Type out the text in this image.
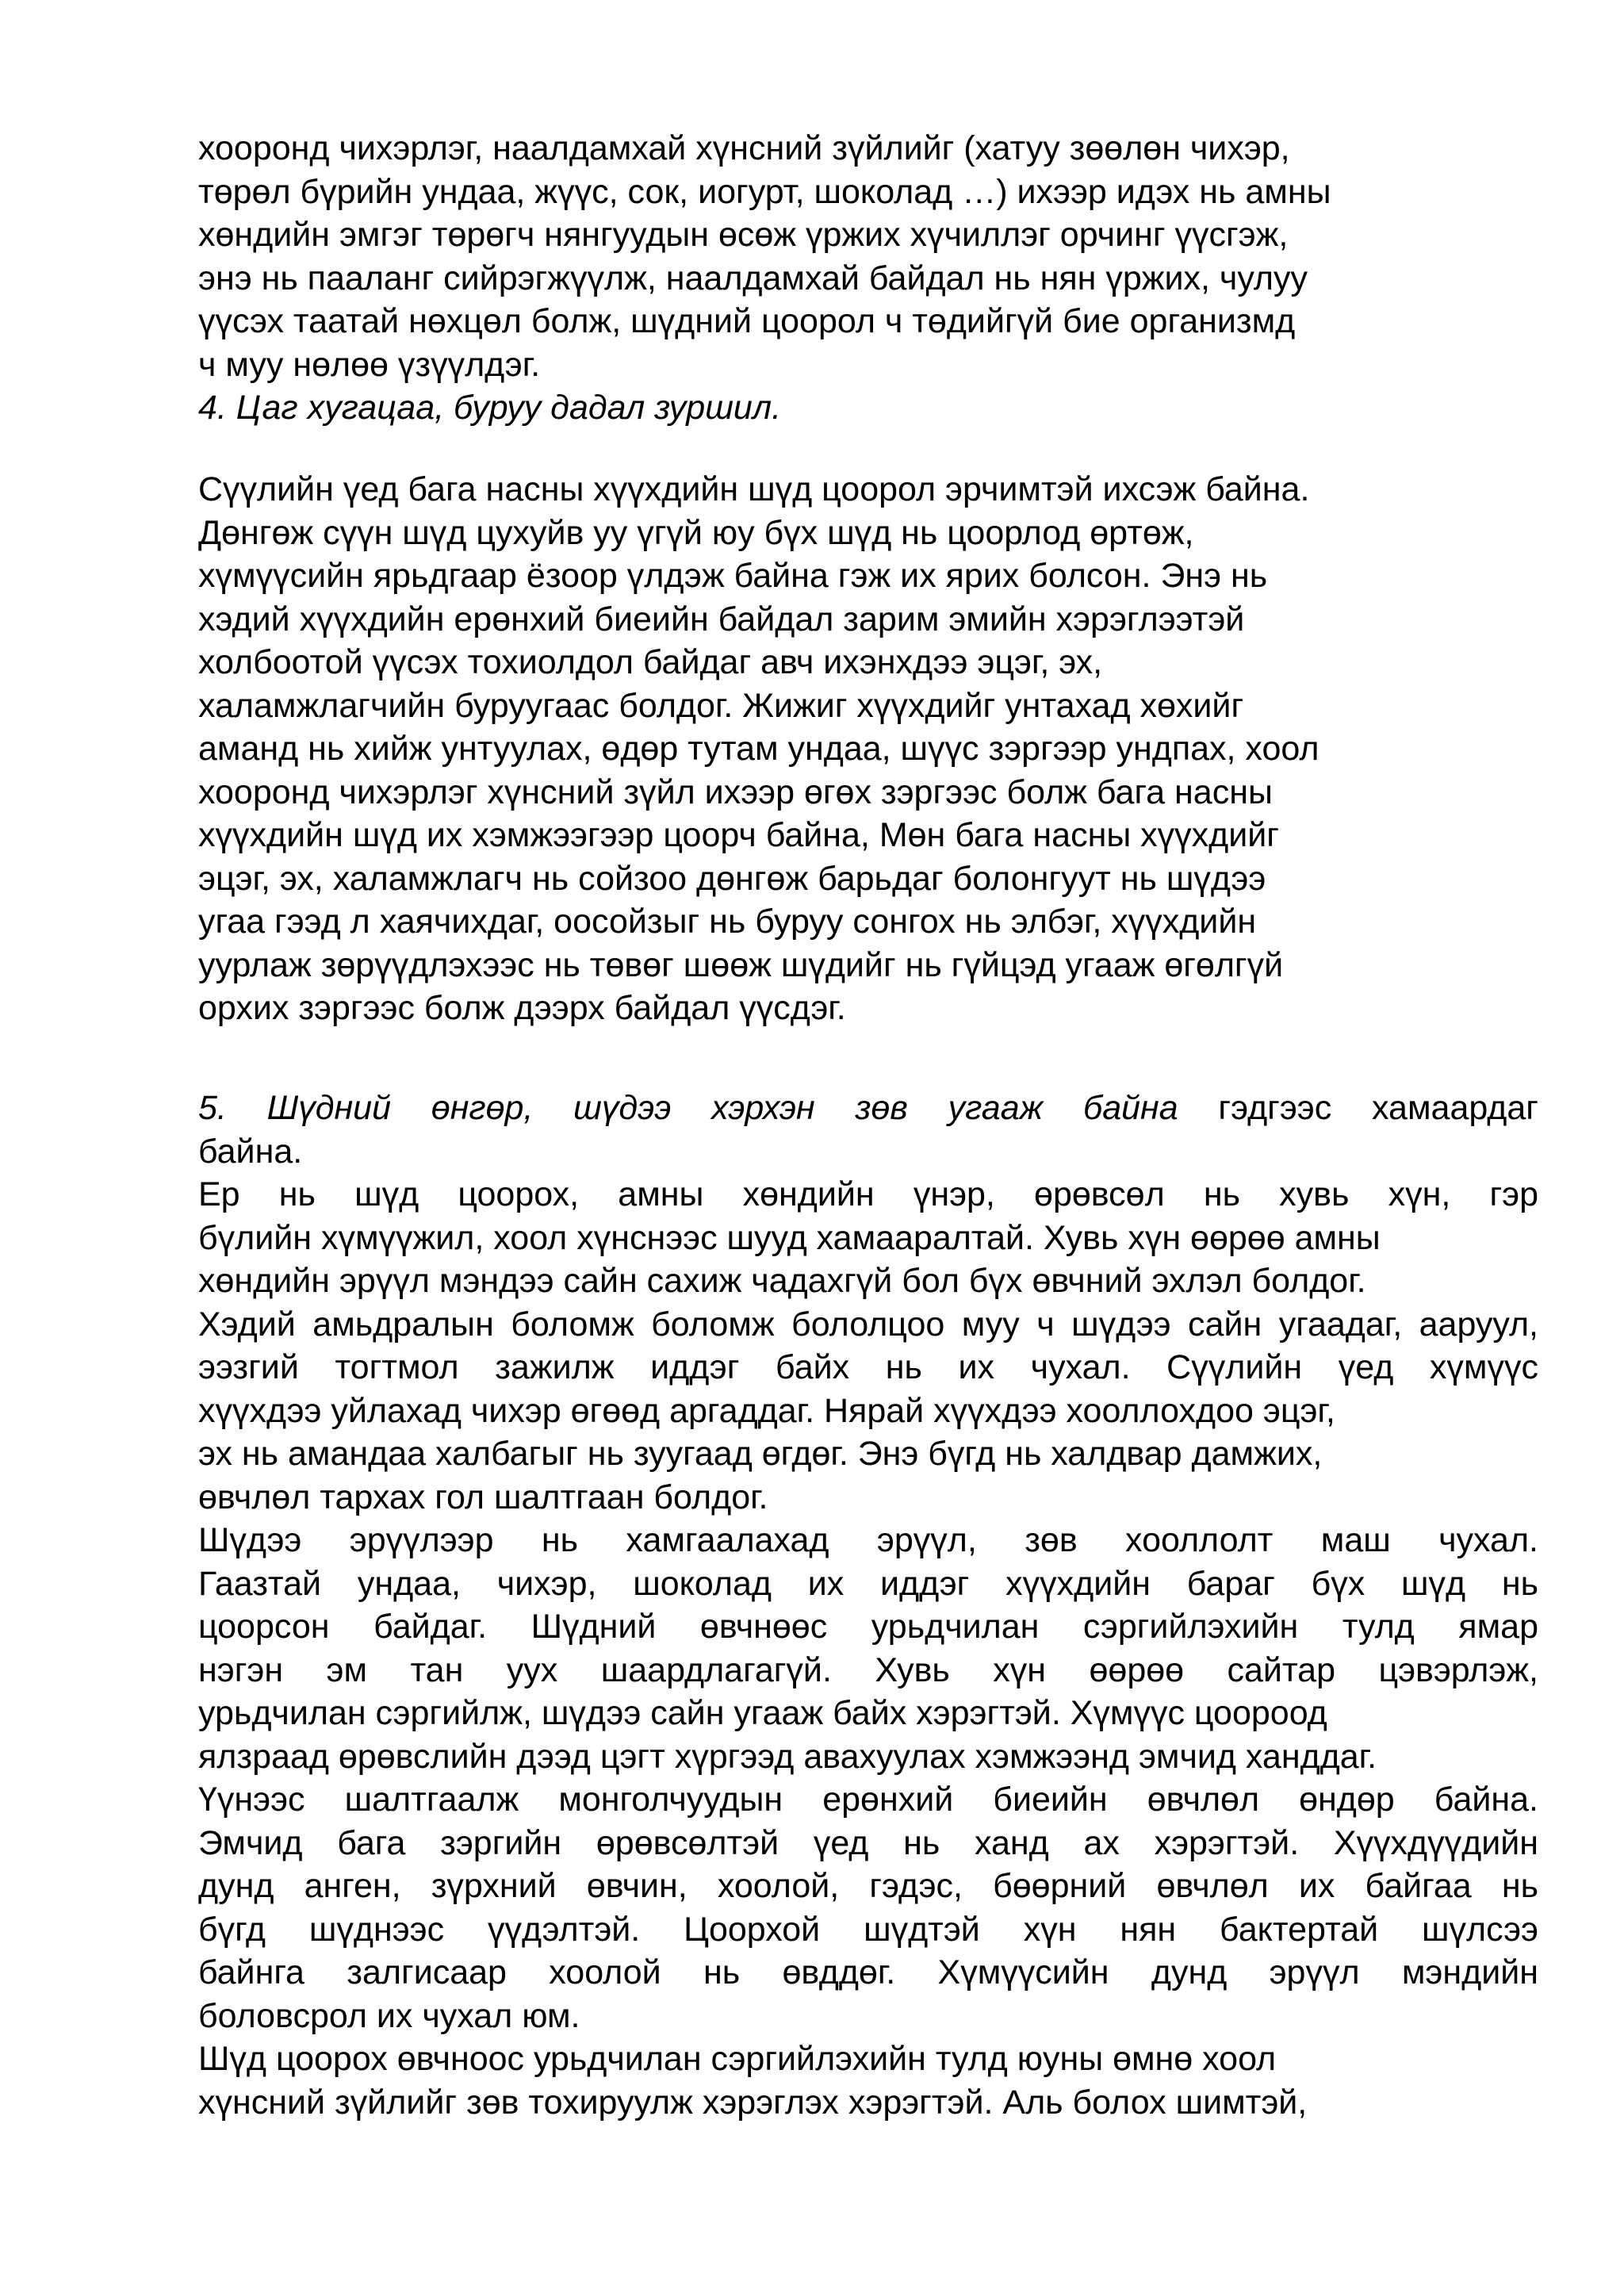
хооронд чихэрлэг, наалдамхай хүнсний зүйлийг (хатуу зөөлөн чихэр,
төрөл бүрийн ундаа, жүүс, сок, иогурт, шоколад …) ихээр идэх нь амны
хөндийн эмгэг төрөгч нянгуудын өсөж үржих хүчиллэг орчинг үүсгэж,
энэ нь пааланг сийрэгжүүлж, наалдамхай байдал нь нян үржих, чулуу
үүсэх таатай нөхцөл болж, шүдний цоорол ч төдийгүй бие организмд
ч муу нөлөө үзүүлдэг.
4. Цаг хугацаа, буруу дадал зуршил.
Сүүлийн үед бага насны хүүхдийн шүд цоорол эрчимтэй ихсэж байна.
Дөнгөж сүүн шүд цухуйв уу үгүй юу бүх шүд нь цоорлод өртөж,
хүмүүсийн ярьдгаар ёзоор үлдэж байна гэж их ярих болсон. Энэ нь
хэдий хүүхдийн ерөнхий биеийн байдал зарим эмийн хэрэглээтэй
холбоотой үүсэх тохиолдол байдаг авч ихэнхдээ эцэг, эх,
халамжлагчийн буруугаас болдог. Жижиг хүүхдийг унтахад хөхийг
аманд нь хийж унтуулах, өдөр тутам ундаа, шүүс зэргээр ундпах, хоол
хооронд чихэрлэг хүнсний зүйл ихээр өгөх зэргээс болж бага насны
хүүхдийн шүд их хэмжээгээр цоорч байна, Мөн бага насны хүүхдийг
эцэг, эх, халамжлагч нь сойзоо дөнгөж барьдаг болонгуут нь шүдээ
угаа гээд л хаячихдаг, оосойзыг нь буруу сонгох нь элбэг, хүүхдийн
уурлаж зөрүүдлэхээс нь төвөг шөөж шүдийг нь гүйцэд угааж өгөлгүй
орхих зэргээс болж дээрх байдал үүсдэг.
5. Шүдний өнгөр, шүдээ хэрхэн зөв угааж байна гэдгээс хамаардаг
байна.
Ер нь шүд цоорох, амны хөндийн үнэр, өрөвсөл нь хувь хүн, гэр
бүлийн хүмүүжил, хоол хүнснээс шууд хамааралтай. Хувь хүн өөрөө амны
хөндийн эрүүл мэндээ сайн сахиж чадахгүй бол бүх өвчний эхлэл болдог.
Хэдий амьдралын боломж боломж бололцоо муу ч шүдээ сайн угаадаг, ааруул,
ээзгий тогтмол зажилж иддэг байх нь их чухал. Сүүлийн үед хүмүүс
хүүхдээ уйлахад чихэр өгөөд аргаддаг. Нярай хүүхдээ хооллохдоо эцэг,
эх нь амандаа халбагыг нь зуугаад өгдөг. Энэ бүгд нь халдвар дамжих,
өвчлөл тархах гол шалтгаан болдог.
Шүдээ эрүүлээр нь хамгаалахад эрүүл, зөв хооллолт маш чухал.
Гаазтай ундаа, чихэр, шоколад их иддэг хүүхдийн бараг бүх шүд нь
цоорсон байдаг. Шүдний өвчнөөс урьдчилан сэргийлэхийн тулд ямар
нэгэн эм тан уух шаардлагагүй. Хувь хүн өөрөө сайтар цэвэрлэж,
урьдчилан сэргийлж, шүдээ сайн угааж байх хэрэгтэй. Хүмүүс цоороод
ялзраад өрөвслийн дээд цэгт хүргээд авахуулах хэмжээнд эмчид ханддаг.
Үүнээс шалтгаалж монголчуудын ерөнхий биеийн өвчлөл өндөр байна.
Эмчид бага зэргийн өрөвсөлтэй үед нь ханд ах хэрэгтэй. Хүүхдүүдийн
дунд анген, зүрхний өвчин, хоолой, гэдэс, бөөрний өвчлөл их байгаа нь
бүгд шүднээс үүдэлтэй. Цоорхой шүдтэй хүн нян бактертай шүлсээ
байнга залгисаар хоолой нь өвддөг. Хүмүүсийн дунд эрүүл мэндийн
боловсрол их чухал юм.
Шүд цоорох өвчноос урьдчилан сэргийлэхийн тулд юуны өмнө хоол
хүнсний зүйлийг зөв тохируулж хэрэглэх хэрэгтэй. Аль болох шимтэй,
